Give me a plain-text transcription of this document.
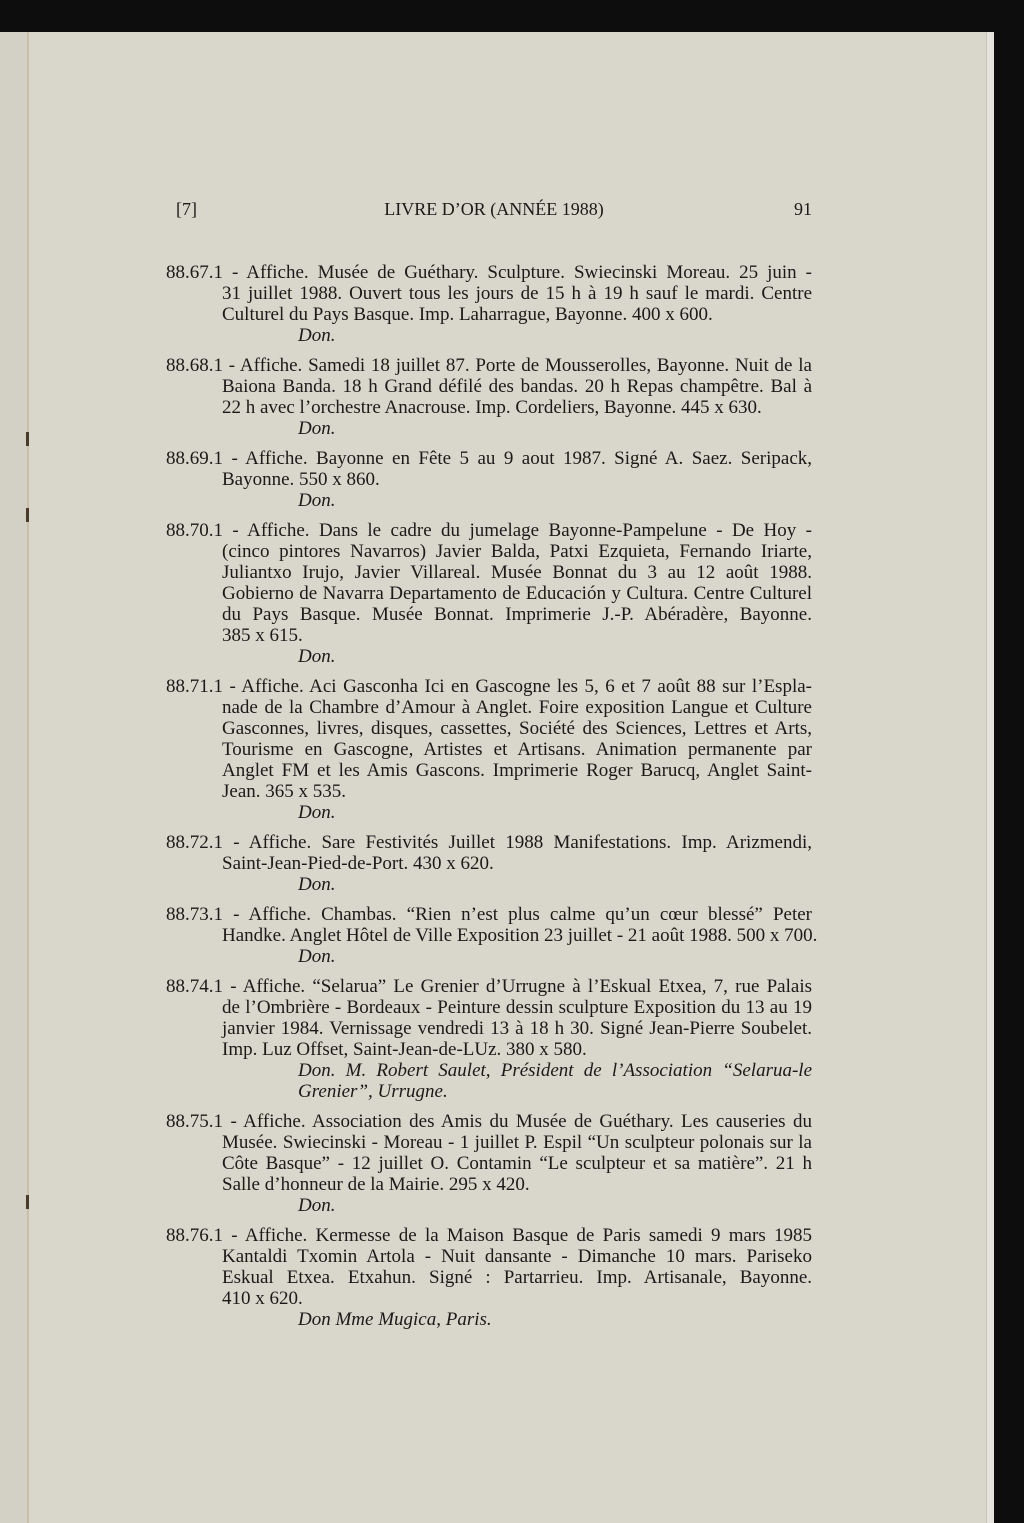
LIVRE D’OR (ANNÉE 1988)
[7]	91
88.67.1 - Affiche. Musée de Guéthary. Sculpture. Swiecinski Moreau. 25 juin -
31 juillet 1988. Ouvert tous les jours de 15 h à 19 h sauf le mardi. Centre
Culturel du Pays Basque. Imp. Laharrague, Bayonne. 400 x 600.
Don.
88.68.1 - Affiche. Samedi 18 juillet 87. Porte de Mousserolles, Bayonne. Nuit de la
Baiona Banda. 18 h Grand défilé des bandas. 20 h Repas champêtre. Bal à
22 h avec l’orchestre Anacrouse. Imp. Cordeliers, Bayonne. 445 x 630.
Don.
88.69.1 - Affiche. Bayonne en Fête 5 au 9 aout 1987. Signé A. Saez. Seripack,
Bayonne. 550 x 860.
Don.
88.70.1 - Affiche. Dans le cadre du jumelage Bayonne-Pampelune - De Hoy -
(cinco pintores Navarros) Javier Balda, Patxi Ezquieta, Fernando Iriarte,
Juliantxo Irujo, Javier Villareal. Musée Bonnat du 3 au 12 août 1988.
Gobierno de Navarra Departamento de Educación y Cultura. Centre Culturel
du Pays Basque. Musée Bonnat. Imprimerie J.-P. Abéradère, Bayonne.
385 x 615.
Don.
88.71.1 - Affiche. Aci Gasconha Ici en Gascogne les 5, 6 et 7 août 88 sur l’Espla-
nade de la Chambre d’Amour à Anglet. Foire exposition Langue et Culture
Gasconnes, livres, disques, cassettes, Société des Sciences, Lettres et Arts,
Tourisme en Gascogne, Artistes et Artisans. Animation permanente par
Anglet FM et les Amis Gascons. Imprimerie Roger Barucq, Anglet Saint-
Jean. 365 x 535.
Don.
88.72.1 - Affiche. Sare Festivités Juillet 1988 Manifestations. Imp. Arizmendi,
Saint-Jean-Pied-de-Port. 430 x 620.
Don.
88.73.1 - Affiche. Chambas. “Rien n’est plus calme qu’un cœur blessé” Peter
Handke. Anglet Hôtel de Ville Exposition 23 juillet - 21 août 1988. 500 x 700.
Don.
88.74.1 - Affiche. “Selarua” Le Grenier d’Urrugne à l’Eskual Etxea, 7, rue Palais
de l’Ombrière - Bordeaux - Peinture dessin sculpture Exposition du 13 au 19
janvier 1984. Vernissage vendredi 13 à 18 h 30. Signé Jean-Pierre Soubelet.
Imp. Luz Offset, Saint-Jean-de-LUz. 380 x 580.
Don. M. Robert Saulet, Président de l’Association “Selarua-le
Grenier”, Urrugne.
88.75.1 - Affiche. Association des Amis du Musée de Guéthary. Les causeries du
Musée. Swiecinski - Moreau - 1 juillet P. Espil “Un sculpteur polonais sur la
Côte Basque” - 12 juillet O. Contamin “Le sculpteur et sa matière”. 21 h
Salle d’honneur de la Mairie. 295 x 420.
Don.
88.76.1 - Affiche. Kermesse de la Maison Basque de Paris samedi 9 mars 1985
Kantaldi Txomin Artola - Nuit dansante - Dimanche 10 mars. Pariseko
Eskual Etxea. Etxahun. Signé : Partarrieu. Imp. Artisanale, Bayonne.
410 x 620.
Don Mme Mugica, Paris.
